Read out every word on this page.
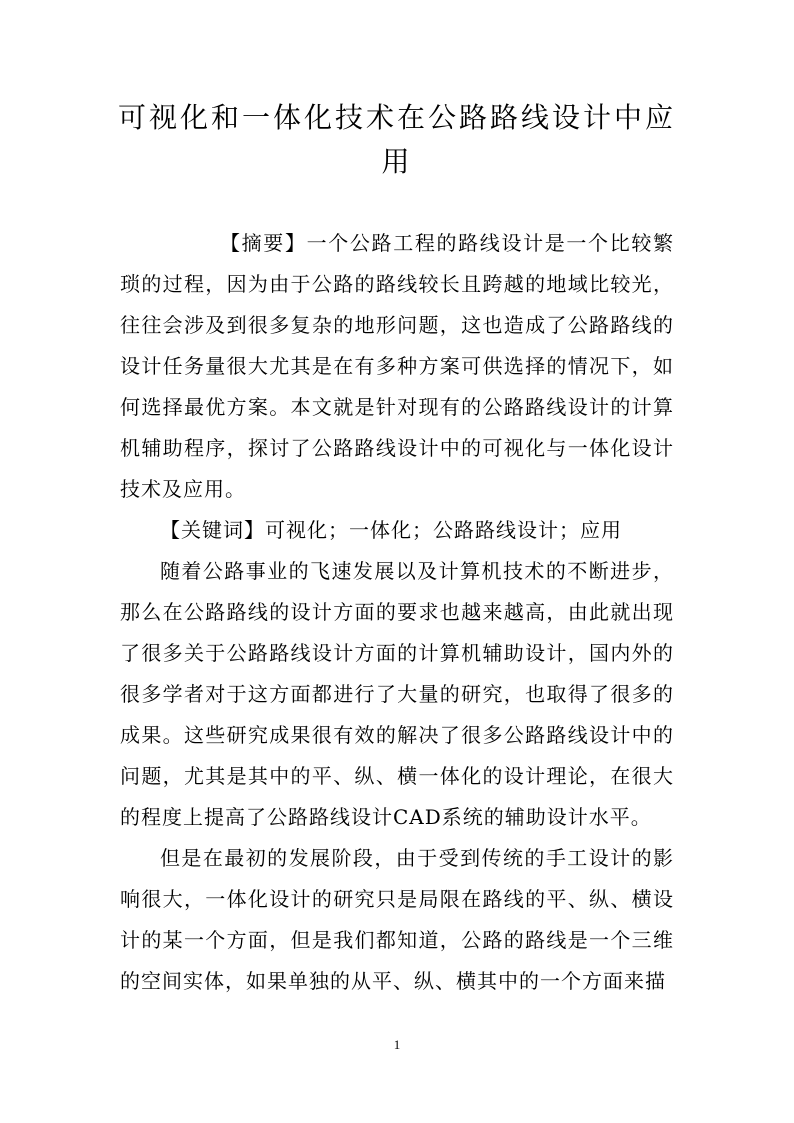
可视化和一体化技术在公路路线设计中应用

【摘要】一个公路工程的路线设计是一个比较繁琐的过程，因为由于公路的路线较长且跨越的地域比较光，往往会涉及到很多复杂的地形问题，这也造成了公路路线的设计任务量很大尤其是在有多种方案可供选择的情况下，如何选择最优方案。本文就是针对现有的公路路线设计的计算机辅助程序，探讨了公路路线设计中的可视化与一体化设计技术及应用。

【关键词】可视化；一体化；公路路线设计；应用

随着公路事业的飞速发展以及计算机技术的不断进步，那么在公路路线的设计方面的要求也越来越高，由此就出现了很多关于公路路线设计方面的计算机辅助设计，国内外的很多学者对于这方面都进行了大量的研究，也取得了很多的成果。这些研究成果很有效的解决了很多公路路线设计中的问题，尤其是其中的平、纵、横一体化的设计理论，在很大的程度上提高了公路路线设计CAD系统的辅助设计水平。

但是在最初的发展阶段，由于受到传统的手工设计的影响很大，一体化设计的研究只是局限在路线的平、纵、横设计的某一个方面，但是我们都知道，公路的路线是一个三维的空间实体，如果单独的从平、纵、横其中的一个方面来描

1
